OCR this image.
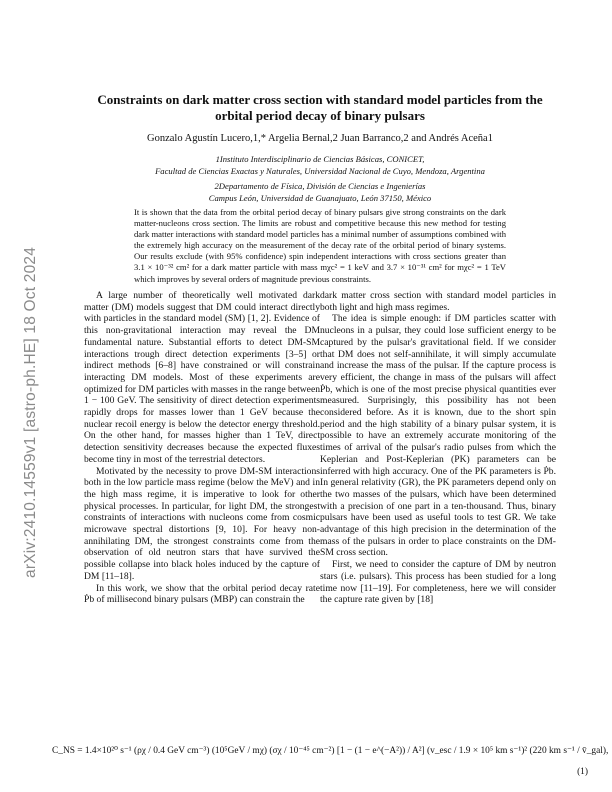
arXiv:2410.14559v1 [astro-ph.HE] 18 Oct 2024
Constraints on dark matter cross section with standard model particles from the
orbital period decay of binary pulsars
Gonzalo Agustín Lucero,1,* Argelia Bernal,2 Juan Barranco,2 and Andrés Aceña1
1Instituto Interdisciplinario de Ciencias Básicas, CONICET,
Facultad de Ciencias Exactas y Naturales, Universidad Nacional de Cuyo, Mendoza, Argentina
2Departamento de Física, División de Ciencias e Ingenierías
Campus León, Universidad de Guanajuato, León 37150, México
It is shown that the data from the orbital period decay of binary pulsars give strong constraints on the dark matter-nucleons cross section. The limits are robust and competitive because this new method for testing dark matter interactions with standard model particles has a minimal number of assumptions combined with the extremely high accuracy on the measurement of the decay rate of the orbital period of binary systems. Our results exclude (with 95% confidence) spin independent interactions with cross sections greater than 3.1 × 10⁻³² cm² for a dark matter particle with mass mχc² = 1 keV and 3.7 × 10⁻³¹ cm² for mχc² = 1 TeV which improves by several orders of magnitude previous constraints.

A large number of theoretically well motivated dark matter (DM) models suggest that DM could interact directly with particles in the standard model (SM) [1, 2]. Evidence of this non-gravitational interaction may reveal the DM fundamental nature. Substantial efforts to detect DM-SM interactions trough direct detection experiments [3–5] or indirect methods [6–8] have constrained or will constrain interacting DM models. Most of these experiments are optimized for DM particles with masses in the range between 1 − 100 GeV. The sensitivity of direct detection experiments rapidly drops for masses lower than 1 GeV because the nuclear recoil energy is below the detector energy threshold. On the other hand, for masses higher than 1 TeV, direct detection sensitivity decreases because the expected fluxes become tiny in most of the terrestrial detectors.

Motivated by the necessity to prove DM-SM interactions both in the low particle mass regime (below the MeV) and in the high mass regime, it is imperative to look for other physical processes. In particular, for light DM, the strongest constraints of interactions with nucleons come from cosmic microwave spectral distortions [9, 10]. For heavy non-annihilating DM, the strongest constraints come from the observation of old neutron stars that have survived the possible collapse into black holes induced by the capture of DM [11–18].

In this work, we show that the orbital period decay rate Ṗb of millisecond binary pulsars (MBP) can constrain the

dark matter cross section with standard model particles in both light and high mass regimes.

The idea is simple enough: if DM particles scatter with nucleons in a pulsar, they could lose sufficient energy to be captured by the pulsar's gravitational field. If we consider that DM does not self-annihilate, it will simply accumulate and increase the mass of the pulsar. If the capture process is very efficient, the change in mass of the pulsars will affect Ṗb, which is one of the most precise physical quantities ever measured. Surprisingly, this possibility has not been considered before. As it is known, due to the short spin period and the high stability of a binary pulsar system, it is possible to have an extremely accurate monitoring of the times of arrival of the pulsar's radio pulses from which the Keplerian and Post-Keplerian (PK) parameters can be inferred with high accuracy. One of the PK parameters is Ṗb. In general relativity (GR), the PK parameters depend only on the two masses of the pulsars, which have been determined with a precision of one part in a ten-thousand. Thus, binary pulsars have been used as useful tools to test GR. We take advantage of this high precision in the determination of the mass of the pulsars in order to place constraints on the DM-SM cross section.

First, we need to consider the capture of DM by neutron stars (i.e. pulsars). This process has been studied for a long time now [11–19]. For completeness, here we will consider the capture rate given by [18]

C_NS = 1.4×10²⁰ s⁻¹ (ρχ / 0.4 GeV cm⁻³) (10⁵GeV / mχ) (σχ / 10⁻⁴⁵ cm⁻²) [1 − (1 − e^(−A²)) / A²] (v_esc / 1.9 × 10⁵ km s⁻¹)² (220 km s⁻¹ / v̄_gal),
(1)
